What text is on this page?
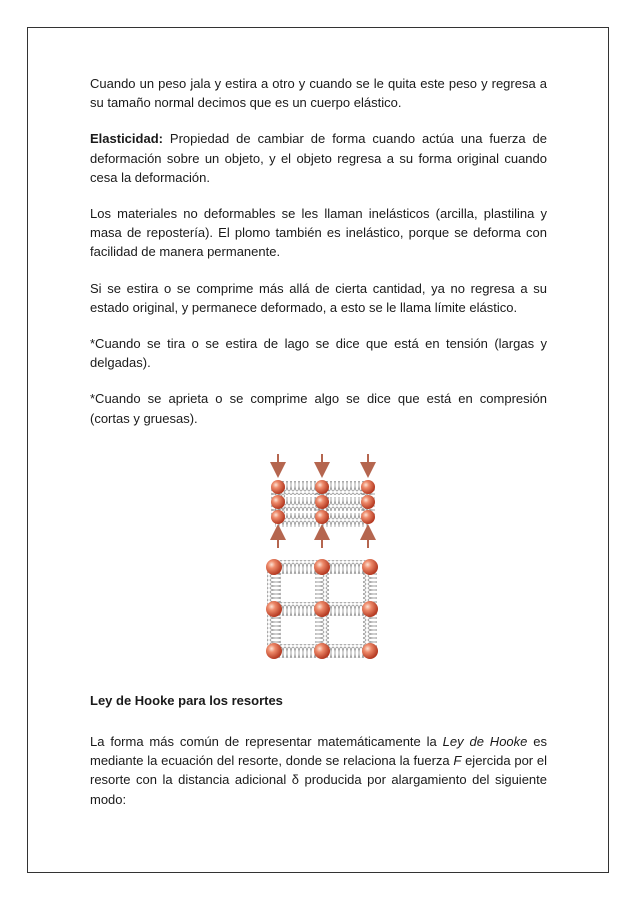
Cuando un peso jala y estira a otro y cuando se le quita este peso y regresa a su tamaño normal decimos que es un cuerpo elástico.

Elasticidad: Propiedad de cambiar de forma cuando actúa una fuerza de deformación sobre un objeto, y el objeto regresa a su forma original cuando cesa la deformación.

Los materiales no deformables se les llaman inelásticos (arcilla, plastilina y masa de repostería). El plomo también es inelástico, porque se deforma con facilidad de manera permanente.

Si se estira o se comprime más allá de cierta cantidad, ya no regresa a su estado original, y permanece deformado, a esto se le llama límite elástico.

*Cuando se tira o se estira de lago se dice que está en tensión (largas y delgadas).

*Cuando se aprieta o se comprime algo se dice que está en compresión (cortas y gruesas).

Ley de Hooke para los resortes

La forma más común de representar matemáticamente la Ley de Hooke es mediante la ecuación del resorte, donde se relaciona la fuerza F ejercida por el resorte con la distancia adicional δ producida por alargamiento del siguiente modo:
